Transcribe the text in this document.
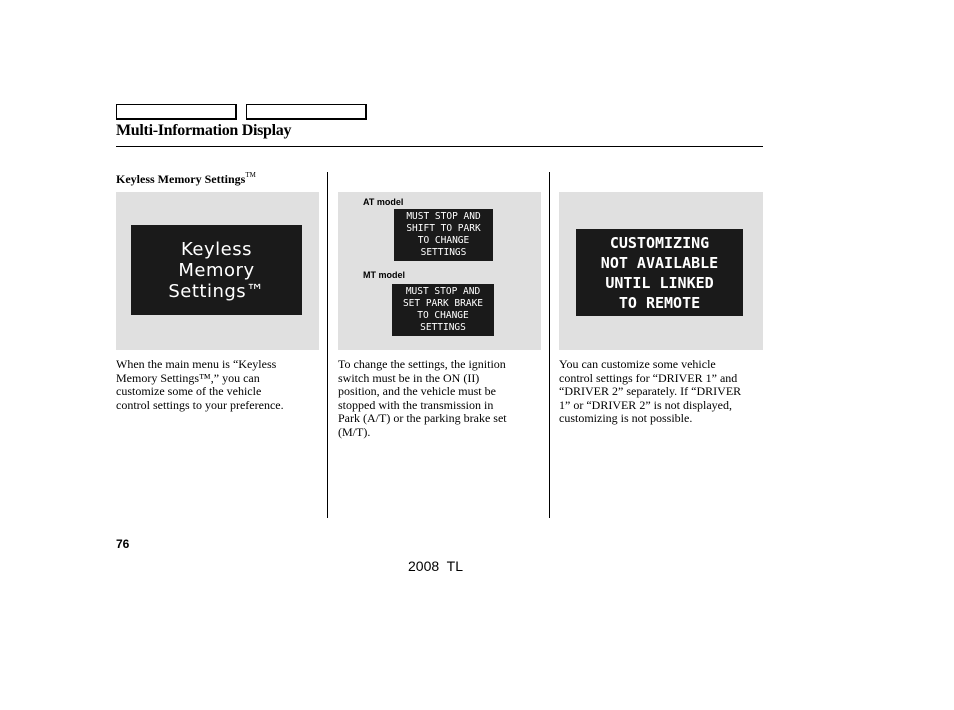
Multi-Information Display
Keyless Memory Settings™
Keyless
Memory
Settings™
AT model
MUST STOP AND
SHIFT TO PARK
TO CHANGE
SETTINGS
MT model
MUST STOP AND
SET PARK BRAKE
TO CHANGE
SETTINGS
CUSTOMIZING
NOT AVAILABLE
UNTIL LINKED
TO REMOTE
When the main menu is “Keyless
Memory Settings™,” you can
customize some of the vehicle
control settings to your preference.
To change the settings, the ignition
switch must be in the ON (II)
position, and the vehicle must be
stopped with the transmission in
Park (A/T) or the parking brake set
(M/T).
You can customize some vehicle
control settings for “DRIVER 1” and
“DRIVER 2” separately. If “DRIVER
1” or “DRIVER 2” is not displayed,
customizing is not possible.
76
2008  TL
